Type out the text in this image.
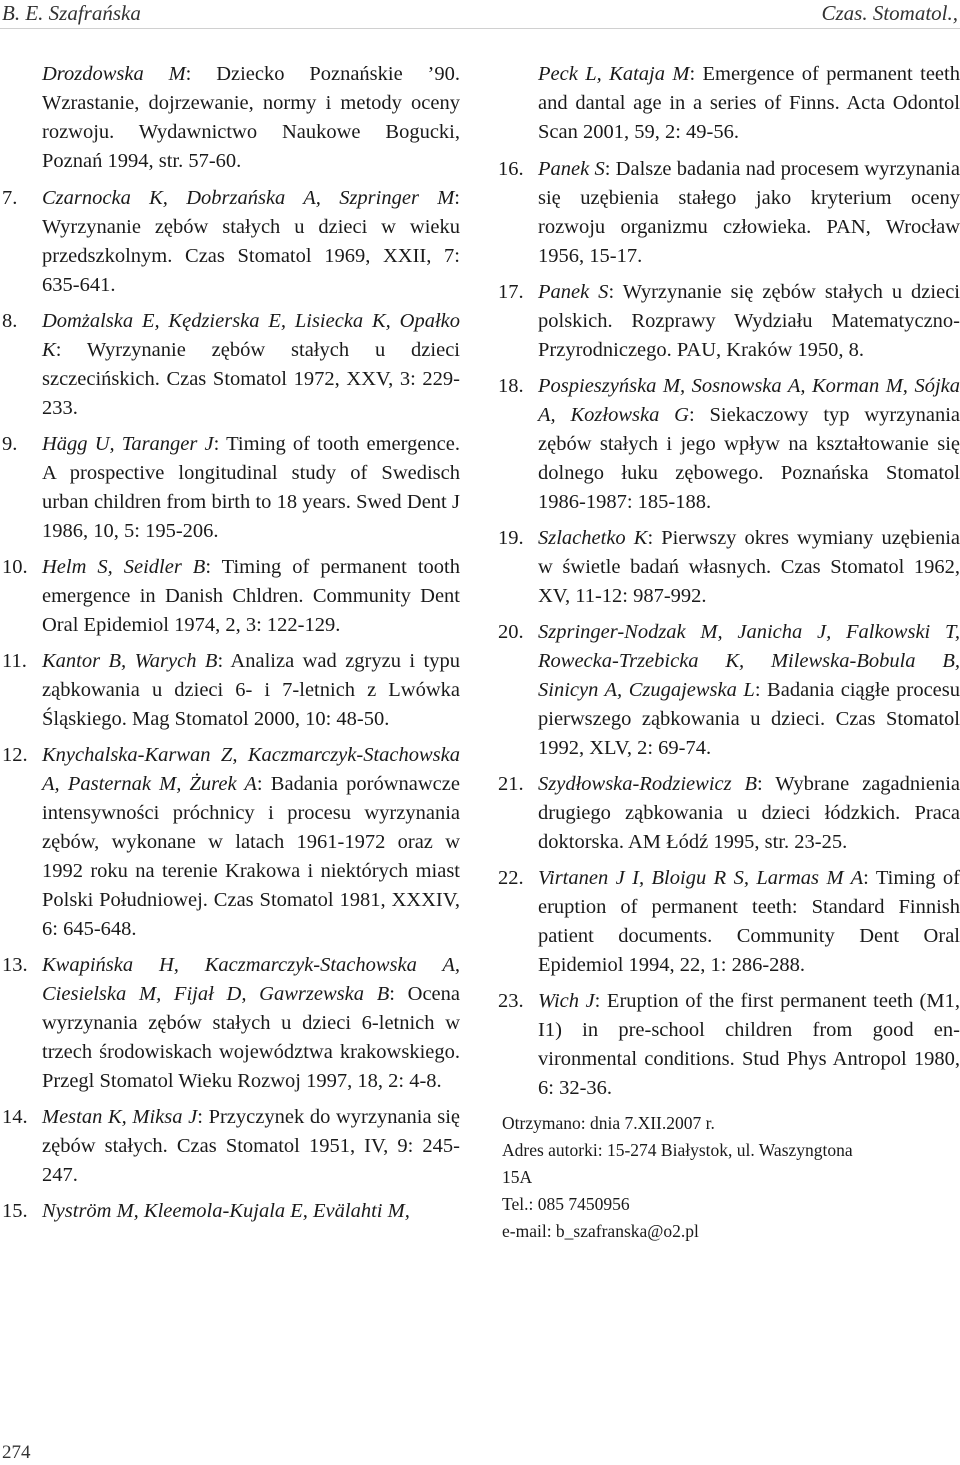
B. E. Szafrańska	Czas. Stomatol.,
Drozdowska M: Dziecko Poznańskie ’90. Wzrastanie, dojrzewanie, normy i metody oceny rozwoju. Wydawnictwo Naukowe Bogucki, Poznań 1994, str. 57-60.
7. Czarnocka K, Dobrzańska A, Szpringer M: Wyrzynanie zębów stałych u dzieci w wieku przedszkolnym. Czas Stomatol 1969, XXII, 7: 635-641.
8. Domżalska E, Kędzierska E, Lisiecka K, Opałko K: Wyrzynanie zębów stałych u dzieci szczecińskich. Czas Stomatol 1972, XXV, 3: 229-233.
9. Hägg U, Taranger J: Timing of tooth emergence. A prospective longitudinal study of Swedisch urban children from birth to 18 years. Swed Dent J 1986, 10, 5: 195-206.
10. Helm S, Seidler B: Timing of permanent tooth emergence in Danish Chldren. Community Dent Oral Epidemiol 1974, 2, 3: 122-129.
11. Kantor B, Warych B: Analiza wad zgryzu i typu ząbkowania u dzieci 6- i 7-letnich z Lwówka Śląskiego. Mag Stomatol 2000, 10: 48-50.
12. Knychalska-Karwan Z, Kaczmarczyk-Stachowska A, Pasternak M, Żurek A: Badania porównawcze intensywności próchnicy i procesu wyrzynania zębów, wykonane w latach 1961-1972 oraz w 1992 roku na terenie Krakowa i niektórych miast Polski Południowej. Czas Stomatol 1981, XXXIV, 6: 645-648.
13. Kwapińska H, Kaczmarczyk-Stachowska A, Ciesielska M, Fijał D, Gawrzewska B: Ocena wyrzynania zębów stałych u dzieci 6-letnich w trzech środowiskach województwa krakowskiego. Przegl Stomatol Wieku Rozwoj 1997, 18, 2: 4-8.
14. Mestan K, Miksa J: Przyczynek do wyrzynania się zębów stałych. Czas Stomatol 1951, IV, 9: 245-247.
15. Nyström M, Kleemola-Kujala E, Evälahti M,
Peck L, Kataja M: Emergence of permanent teeth and dantal age in a series of Finns. Acta Odontol Scan 2001, 59, 2: 49-56.
16. Panek S: Dalsze badania nad procesem wyrzynania się uzębienia stałego jako kryterium oceny rozwoju organizmu człowieka. PAN, Wrocław 1956, 15-17.
17. Panek S: Wyrzynanie się zębów stałych u dzieci polskich. Rozprawy Wydziału Matematyczno-Przyrodniczego. PAU, Kraków 1950, 8.
18. Pospieszyńska M, Sosnowska A, Korman M, Sójka A, Kozłowska G: Siekaczowy typ wyrzynania zębów stałych i jego wpływ na kształtowanie się dolnego łuku zębowego. Poznańska Stomatol 1986-1987: 185-188.
19. Szlachetko K: Pierwszy okres wymiany uzębienia w świetle badań własnych. Czas Stomatol 1962, XV, 11-12: 987-992.
20. Szpringer-Nodzak M, Janicha J, Falkowski T, Rowecka-Trzebicka K, Milewska-Bobula B, Sinicyn A, Czugajewska L: Badania ciągłe procesu pierwszego ząbkowania u dzieci. Czas Stomatol 1992, XLV, 2: 69-74.
21. Szydłowska-Rodziewicz B: Wybrane zagadnienia drugiego ząbkowania u dzieci łódzkich. Praca doktorska. AM Łódź 1995, str. 23-25.
22. Virtanen J I, Bloigu R S, Larmas M A: Timing of eruption of permanent teeth: Standard Finnish patient documents. Community Dent Oral Epidemiol 1994, 22, 1: 286-288.
23. Wich J: Eruption of the first permanent teeth (M1, I1) in pre-school children from good environmental conditions. Stud Phys Antropol 1980, 6: 32-36.
Otrzymano: dnia 7.XII.2007 r.
Adres autorki: 15-274 Białystok, ul. Waszyngtona
15A
Tel.: 085 7450956
e-mail: b_szafranska@o2.pl
274
